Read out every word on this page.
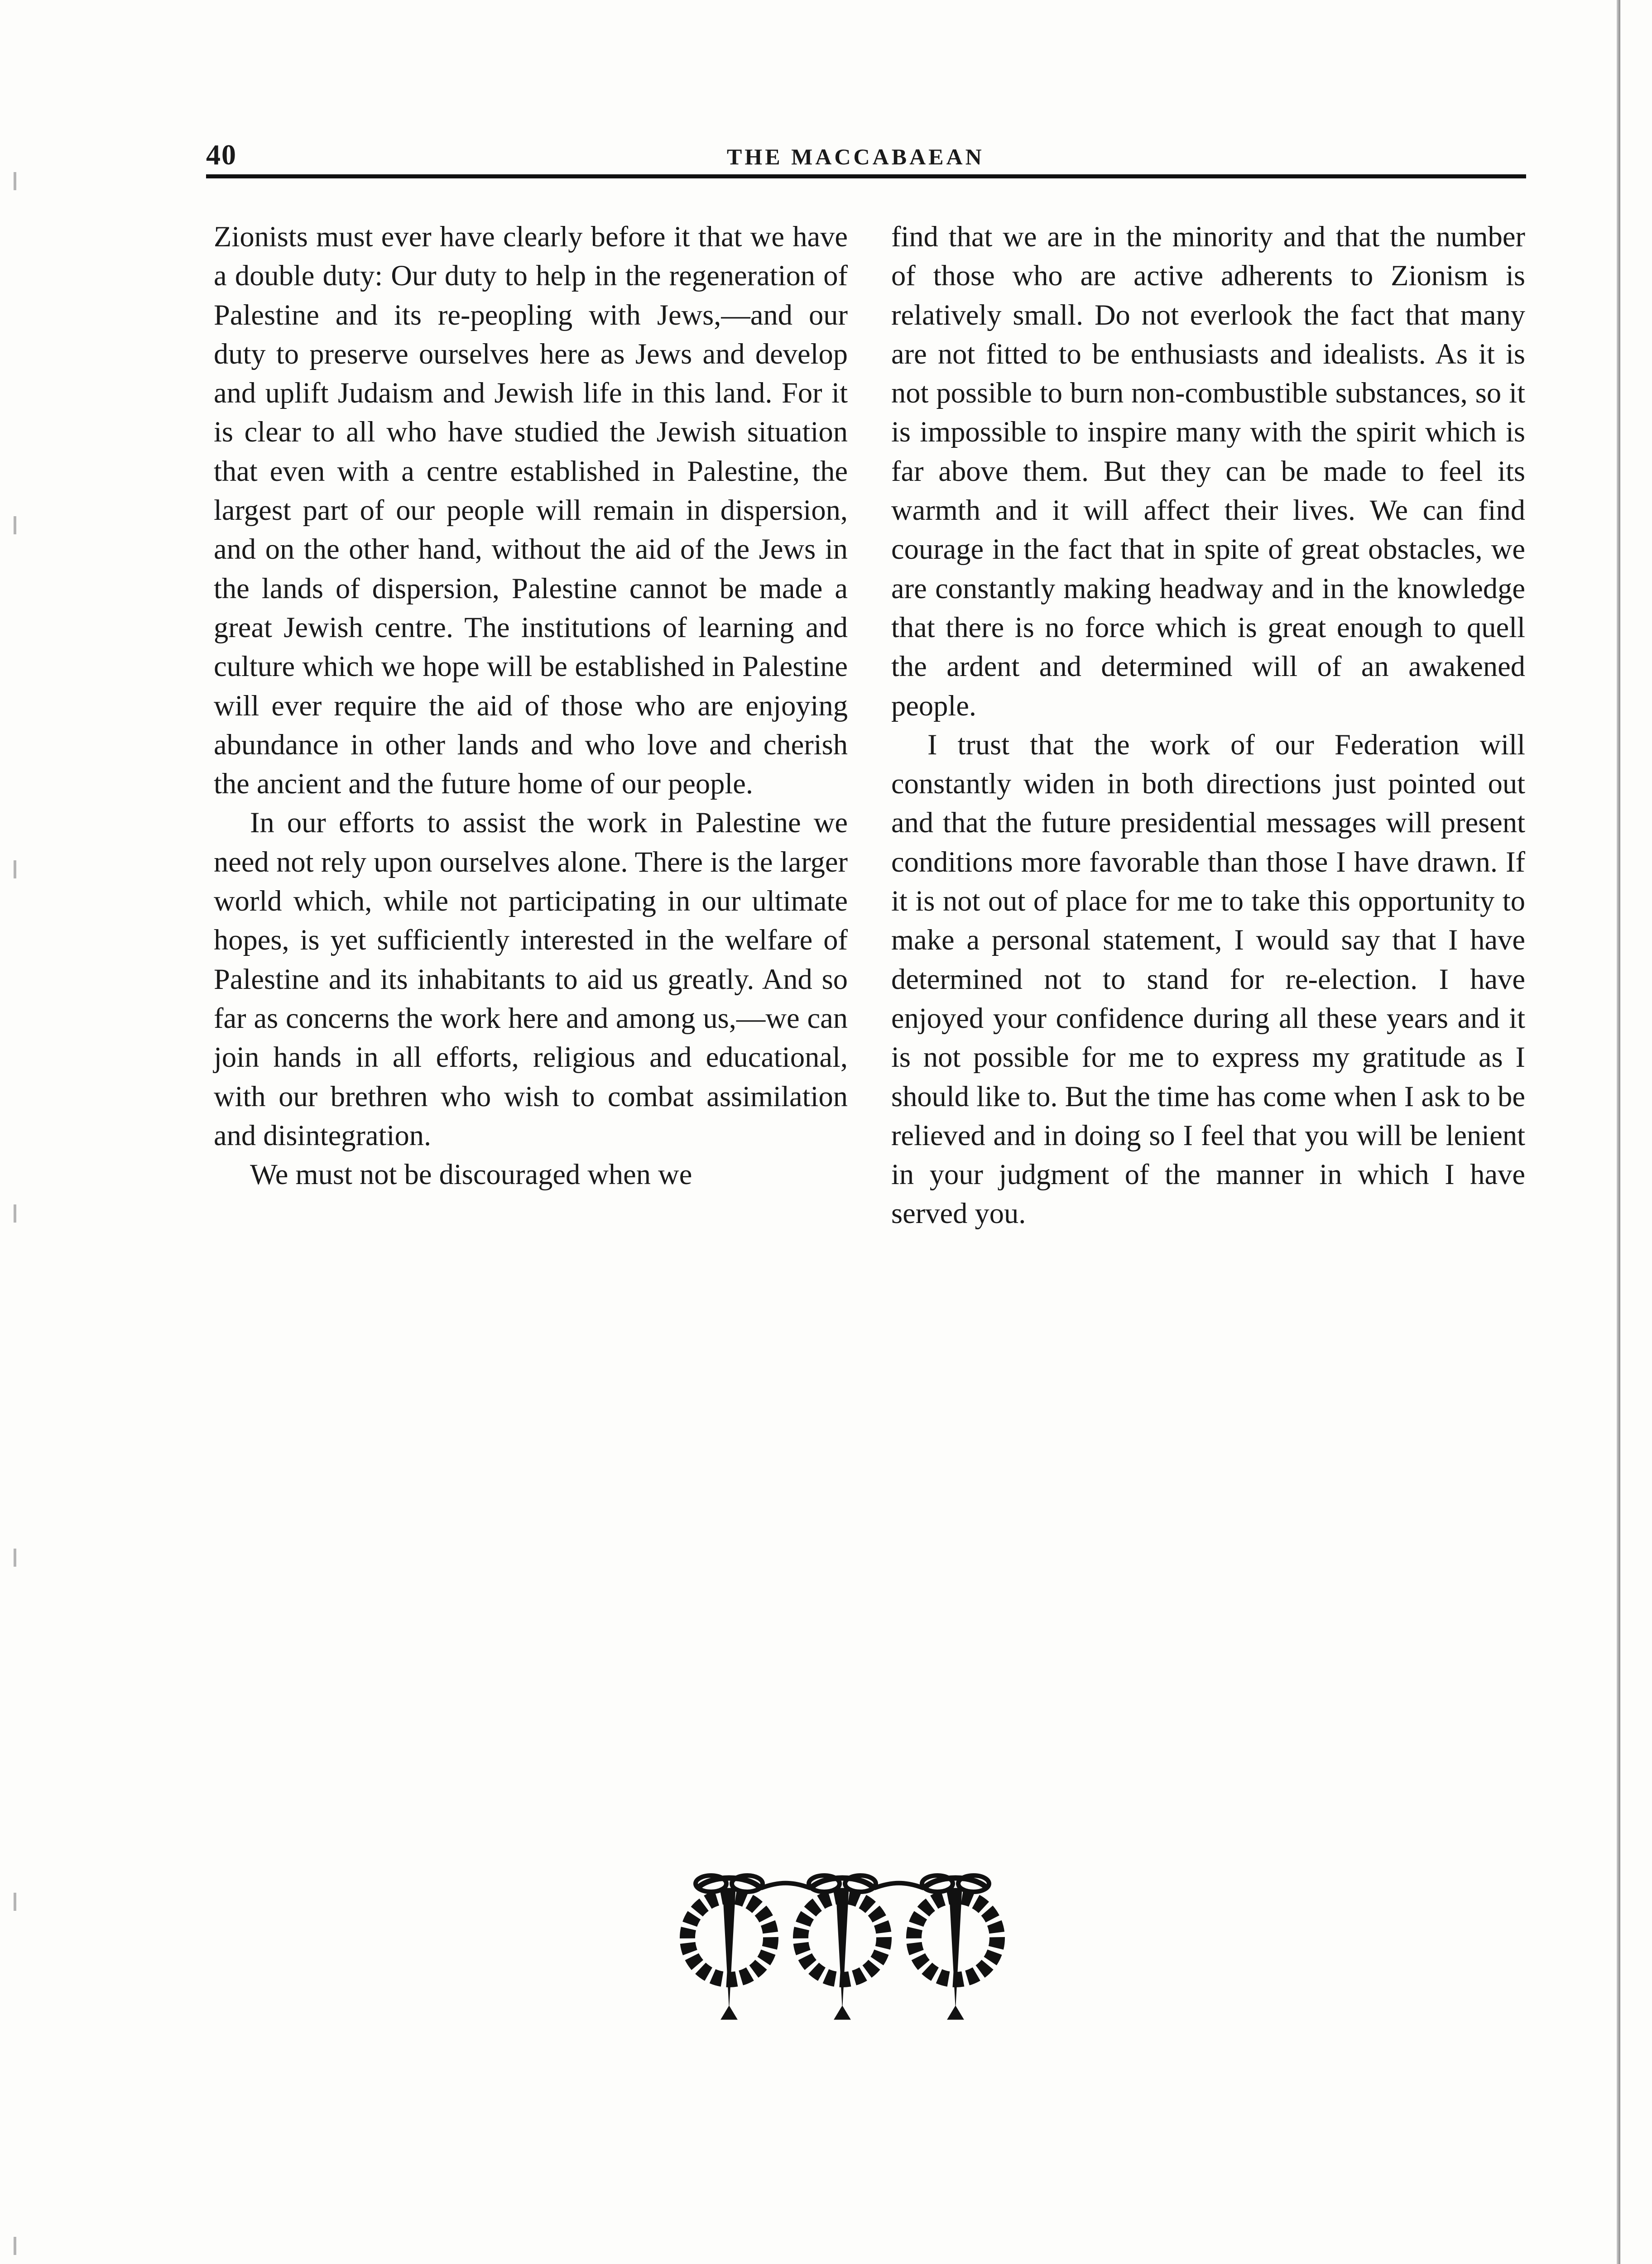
40	THE MACCABAEAN

Zionists must ever have clearly before it that we have a double duty: Our duty to help in the regeneration of Palestine and its re-peopling with Jews,—and our duty to preserve ourselves here as Jews and develop and uplift Judaism and Jewish life in this land. For it is clear to all who have studied the Jewish situation that even with a centre established in Palestine, the largest part of our people will remain in dispersion, and on the other hand, without the aid of the Jews in the lands of dispersion, Palestine cannot be made a great Jewish centre. The institutions of learning and culture which we hope will be established in Palestine will ever require the aid of those who are enjoying abundance in other lands and who love and cherish the ancient and the future home of our people.

In our efforts to assist the work in Palestine we need not rely upon ourselves alone. There is the larger world which, while not participating in our ultimate hopes, is yet sufficiently interested in the welfare of Palestine and its inhabitants to aid us greatly. And so far as concerns the work here and among us,—we can join hands in all efforts, religious and educational, with our brethren who wish to combat assimilation and disintegration.

We must not be discouraged when we

find that we are in the minority and that the number of those who are active adherents to Zionism is relatively small. Do not everlook the fact that many are not fitted to be enthusiasts and idealists. As it is not possible to burn non-combustible substances, so it is impossible to inspire many with the spirit which is far above them. But they can be made to feel its warmth and it will affect their lives. We can find courage in the fact that in spite of great obstacles, we are constantly making headway and in the knowledge that there is no force which is great enough to quell the ardent and determined will of an awakened people.

I trust that the work of our Federation will constantly widen in both directions just pointed out and that the future presidential messages will present conditions more favorable than those I have drawn. If it is not out of place for me to take this opportunity to make a personal statement, I would say that I have determined not to stand for re-election. I have enjoyed your confidence during all these years and it is not possible for me to express my gratitude as I should like to. But the time has come when I ask to be relieved and in doing so I feel that you will be lenient in your judgment of the manner in which I have served you.
